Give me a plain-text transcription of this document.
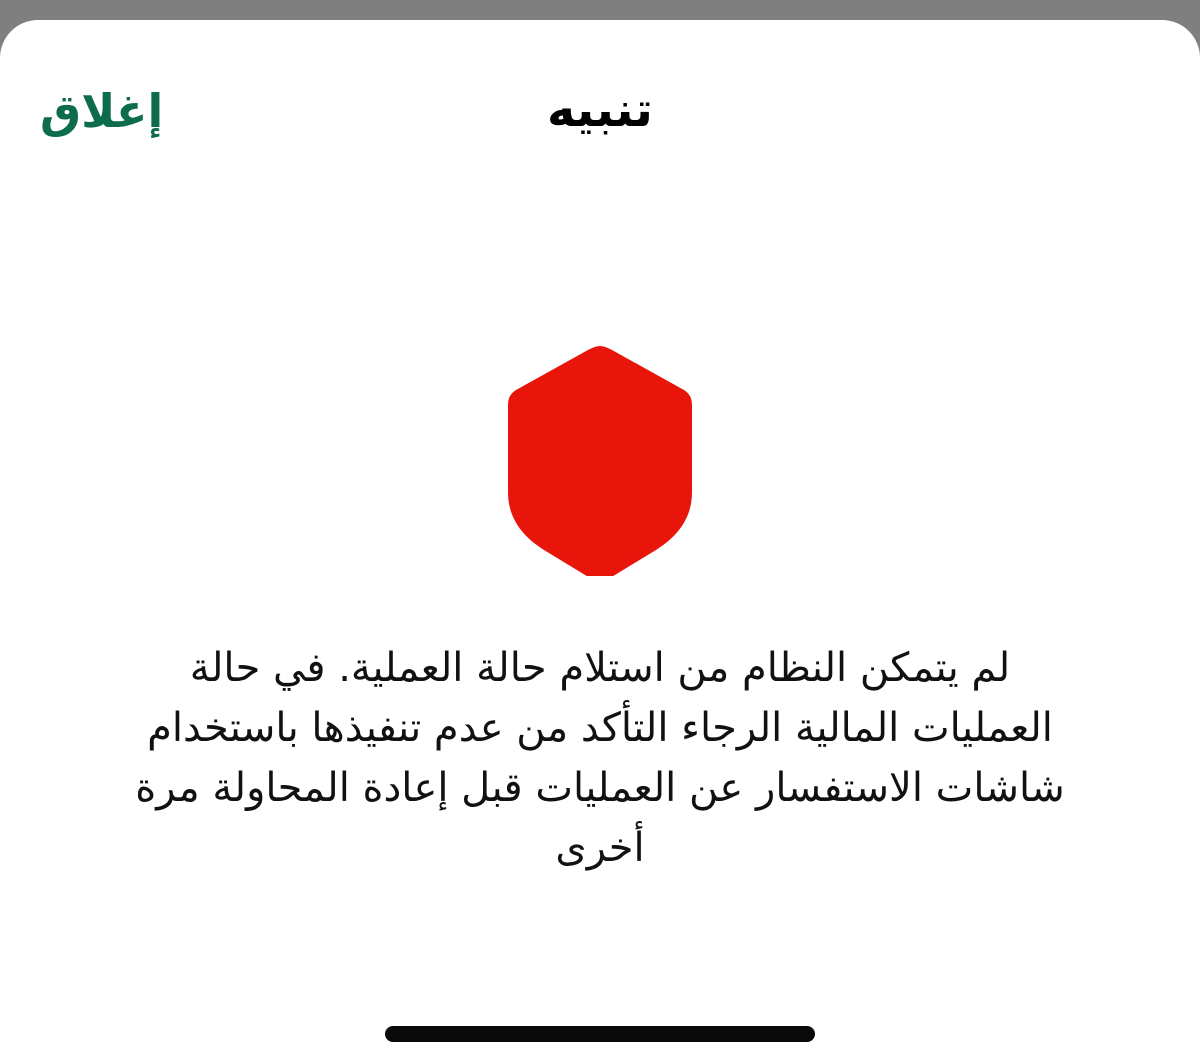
إغلاق	تنبيه

لم يتمكن النظام من استلام حالة العملية. في حالة العمليات المالية الرجاء التأكد من عدم تنفيذها باستخدام شاشات الاستفسار عن العمليات قبل إعادة المحاولة مرة أخرى
